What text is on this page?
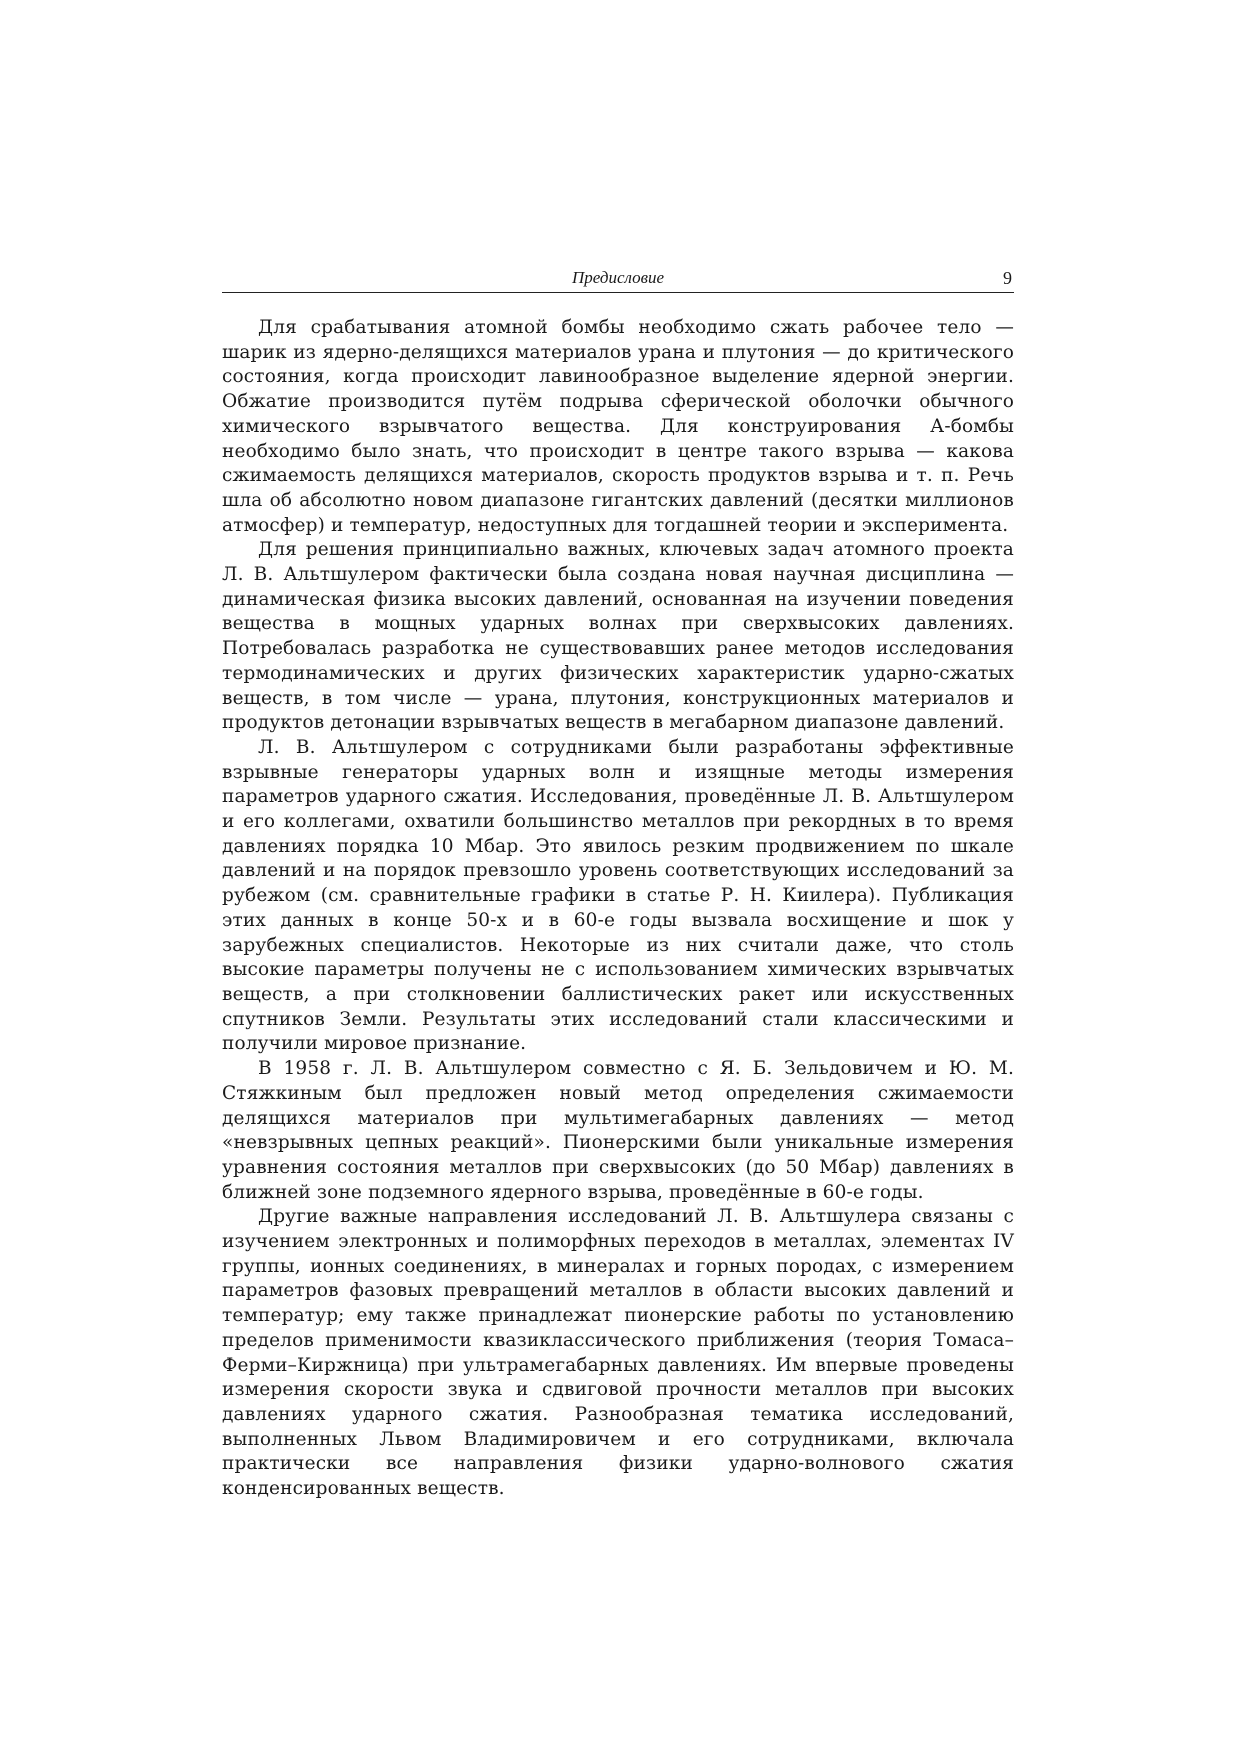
Предисловие	9

Для срабатывания атомной бомбы необходимо сжать рабочее тело — шарик из ядерно-делящихся материалов урана и плутония — до критического состояния, когда происходит лавинообразное выделение ядерной энергии. Обжатие производится путём подрыва сферической оболочки обычного химического взрывчатого вещества. Для конструирования А-бомбы необходимо было знать, что происходит в центре такого взрыва — какова сжимаемость делящихся материалов, скорость продуктов взрыва и т. п. Речь шла об абсолютно новом диапазоне гигантских давлений (десятки миллионов атмосфер) и температур, недоступных для тогдашней теории и эксперимента.

Для решения принципиально важных, ключевых задач атомного проекта Л. В. Альтшулером фактически была создана новая научная дисциплина — динамическая физика высоких давлений, основанная на изучении поведения вещества в мощных ударных волнах при сверхвысоких давлениях. Потребовалась разработка не существовавших ранее методов исследования термодинамических и других физических характеристик ударно-сжатых веществ, в том числе — урана, плутония, конструкционных материалов и продуктов детонации взрывчатых веществ в мегабарном диапазоне давлений.

Л. В. Альтшулером с сотрудниками были разработаны эффективные взрывные генераторы ударных волн и изящные методы измерения параметров ударного сжатия. Исследования, проведённые Л. В. Альтшулером и его коллегами, охватили большинство металлов при рекордных в то время давлениях порядка 10 Мбар. Это явилось резким продвижением по шкале давлений и на порядок превзошло уровень соответствующих исследований за рубежом (см. сравнительные графики в статье Р. Н. Киилера). Публикация этих данных в конце 50-х и в 60-е годы вызвала восхищение и шок у зарубежных специалистов. Некоторые из них считали даже, что столь высокие параметры получены не с использованием химических взрывчатых веществ, а при столкновении баллистических ракет или искусственных спутников Земли. Результаты этих исследований стали классическими и получили мировое признание.

В 1958 г. Л. В. Альтшулером совместно с Я. Б. Зельдовичем и Ю. М. Стяжкиным был предложен новый метод определения сжимаемости делящихся материалов при мультимегабарных давлениях — метод «невзрывных цепных реакций». Пионерскими были уникальные измерения уравнения состояния металлов при сверхвысоких (до 50 Мбар) давлениях в ближней зоне подземного ядерного взрыва, проведённые в 60-е годы.

Другие важные направления исследований Л. В. Альтшулера связаны с изучением электронных и полиморфных переходов в металлах, элементах IV группы, ионных соединениях, в минералах и горных породах, с измерением параметров фазовых превращений металлов в области высоких давлений и температур; ему также принадлежат пионерские работы по установлению пределов применимости квазиклассического приближения (теория Томаса–Ферми–Киржница) при ультрамегабарных давлениях. Им впервые проведены измерения скорости звука и сдвиговой прочности металлов при высоких давлениях ударного сжатия. Разнообразная тематика исследований, выполненных Львом Владимировичем и его сотрудниками, включала практически все направления физики ударно-волнового сжатия конденсированных веществ.
